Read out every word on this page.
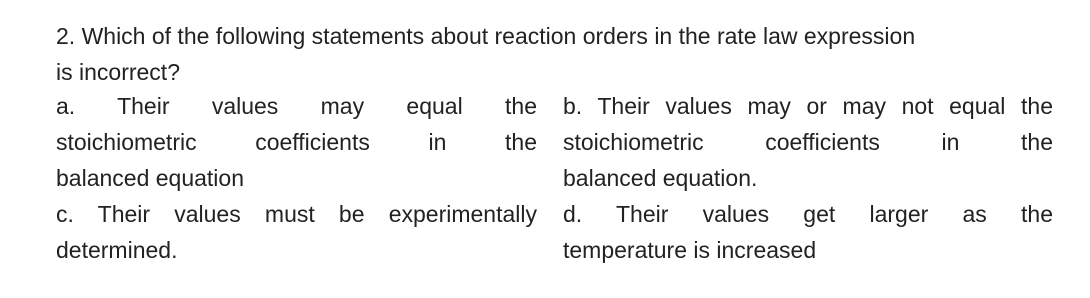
2. Which of the following statements about reaction orders in the rate law expression
is incorrect?
a. Their values may equal the
stoichiometric coefficients in the
balanced equation
b. Their values may or may not equal the
stoichiometric coefficients in the
balanced equation.
c. Their values must be experimentally
determined.
d. Their values get larger as the
temperature is increased
